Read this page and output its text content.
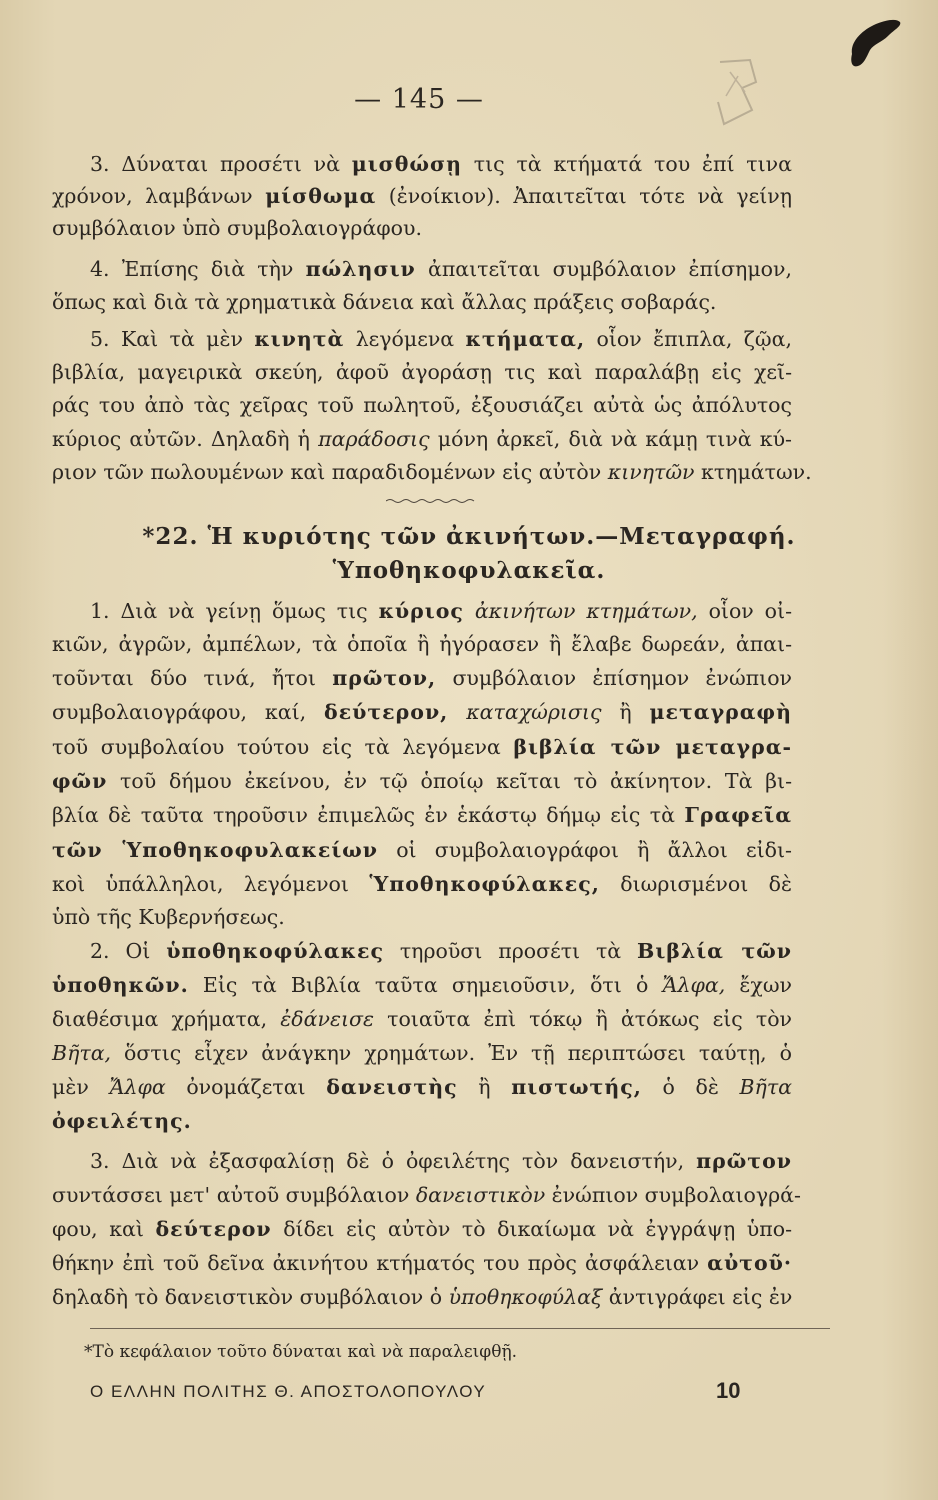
— 145 —
3. Δύναται προσέτι νὰ μισθώσῃ τις τὰ κτήματά του ἐπί τινα
χρόνον, λαμβάνων μίσθωμα (ἐνοίκιον). Ἀπαιτεῖται τότε νὰ γείνῃ
συμβόλαιον ὑπὸ συμβολαιογράφου.
4. Ἐπίσης διὰ τὴν πώλησιν ἀπαιτεῖται συμβόλαιον ἐπίσημον,
ὅπως καὶ διὰ τὰ χρηματικὰ δάνεια καὶ ἄλλας πράξεις σοβαράς.
5. Καὶ τὰ μὲν κινητὰ λεγόμενα κτήματα, οἷον ἔπιπλα, ζῷα,
βιβλία, μαγειρικὰ σκεύη, ἀφοῦ ἀγοράσῃ τις καὶ παραλάβῃ εἰς χεῖ-
ράς του ἀπὸ τὰς χεῖρας τοῦ πωλητοῦ, ἐξουσιάζει αὐτὰ ὡς ἀπόλυτος
κύριος αὐτῶν. Δηλαδὴ ἡ παράδοσις μόνη ἀρκεῖ, διὰ νὰ κάμῃ τινὰ κύ-
ριον τῶν πωλουμένων καὶ παραδιδομένων εἰς αὐτὸν κινητῶν κτημάτων.
1. Διὰ νὰ γείνῃ ὅμως τις κύριος ἀκινήτων κτημάτων, οἷον οἰ-
κιῶν, ἀγρῶν, ἀμπέλων, τὰ ὁποῖα ἢ ἠγόρασεν ἢ ἔλαβε δωρεάν, ἀπαι-
τοῦνται δύο τινά, ἤτοι πρῶτον, συμβόλαιον ἐπίσημον ἐνώπιον
συμβολαιογράφου, καί, δεύτερον, καταχώρισις ἢ μεταγραφὴ
τοῦ συμβολαίου τούτου εἰς τὰ λεγόμενα βιβλία τῶν μεταγρα-
φῶν τοῦ δήμου ἐκείνου, ἐν τῷ ὁποίῳ κεῖται τὸ ἀκίνητον. Τὰ βι-
βλία δὲ ταῦτα τηροῦσιν ἐπιμελῶς ἐν ἑκάστῳ δήμῳ εἰς τὰ Γραφεῖα
τῶν Ὑποθηκοφυλακείων οἱ συμβολαιογράφοι ἢ ἄλλοι εἰδι-
κοὶ ὑπάλληλοι, λεγόμενοι Ὑποθηκοφύλακες, διωρισμένοι δὲ
ὑπὸ τῆς Κυβερνήσεως.
2. Οἱ ὑποθηκοφύλακες τηροῦσι προσέτι τὰ Βιβλία τῶν
ὑποθηκῶν. Εἰς τὰ Βιβλία ταῦτα σημειοῦσιν, ὅτι ὁ Ἄλφα, ἔχων
διαθέσιμα χρήματα, ἐδάνεισε τοιαῦτα ἐπὶ τόκῳ ἢ ἀτόκως εἰς τὸν
Βῆτα, ὅστις εἶχεν ἀνάγκην χρημάτων. Ἐν τῇ περιπτώσει ταύτῃ, ὁ
μὲν Ἄλφα ὀνομάζεται δανειστὴς ἢ πιστωτής, ὁ δὲ Βῆτα
ὀφειλέτης.
3. Διὰ νὰ ἐξασφαλίσῃ δὲ ὁ ὀφειλέτης τὸν δανειστήν, πρῶτον
συντάσσει μετ' αὐτοῦ συμβόλαιον δανειστικὸν ἐνώπιον συμβολαιογρά-
φου, καὶ δεύτερον δίδει εἰς αὐτὸν τὸ δικαίωμα νὰ ἐγγράψῃ ὑπο-
θήκην ἐπὶ τοῦ δεῖνα ἀκινήτου κτήματός του πρὸς ἀσφάλειαν αὐτοῦ·
δηλαδὴ τὸ δανειστικὸν συμβόλαιον ὁ ὑποθηκοφύλαξ ἀντιγράφει εἰς ἐν
*22. Ἡ κυριότης τῶν ἀκινήτων.—Μεταγραφή.
Ὑποθηκοφυλακεῖα.
*Τὸ κεφάλαιον τοῦτο δύναται καὶ νὰ παραλειφθῇ.
Ο ΕΛΛΗΝ ΠΟΛΙΤΗΣ Θ. ΑΠΟΣΤΟΛΟΠΟΥΛΟΥ	10
